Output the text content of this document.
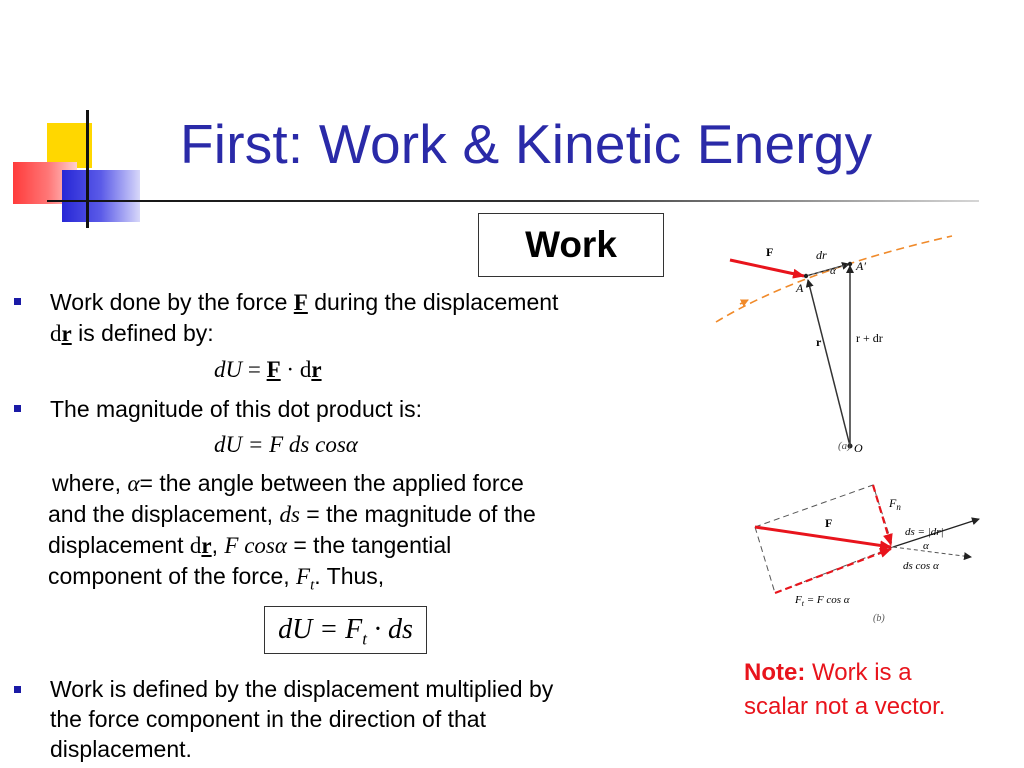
First: Work & Kinetic Energy
Work
Work done by the force F during the displacement
dr is defined by:
dU = F · dr
The magnitude of this dot product is:
dU = F ds cosα
where, α= the angle between the applied force
and the displacement, ds = the magnitude of the
displacement dr, F cosα = the tangential
component of the force, $F_t$. Thus,
dU = $F_t$ · ds
Work is defined by the displacement multiplied by
the force component in the direction of that
displacement.
Note: Work is a
scalar not a vector.
F	dr
A
A′
α
r	r + dr
O
(a)
F
$F_n$
ds = |dr|
α
ds cos α
$F_t = F$ cos α
(b)
